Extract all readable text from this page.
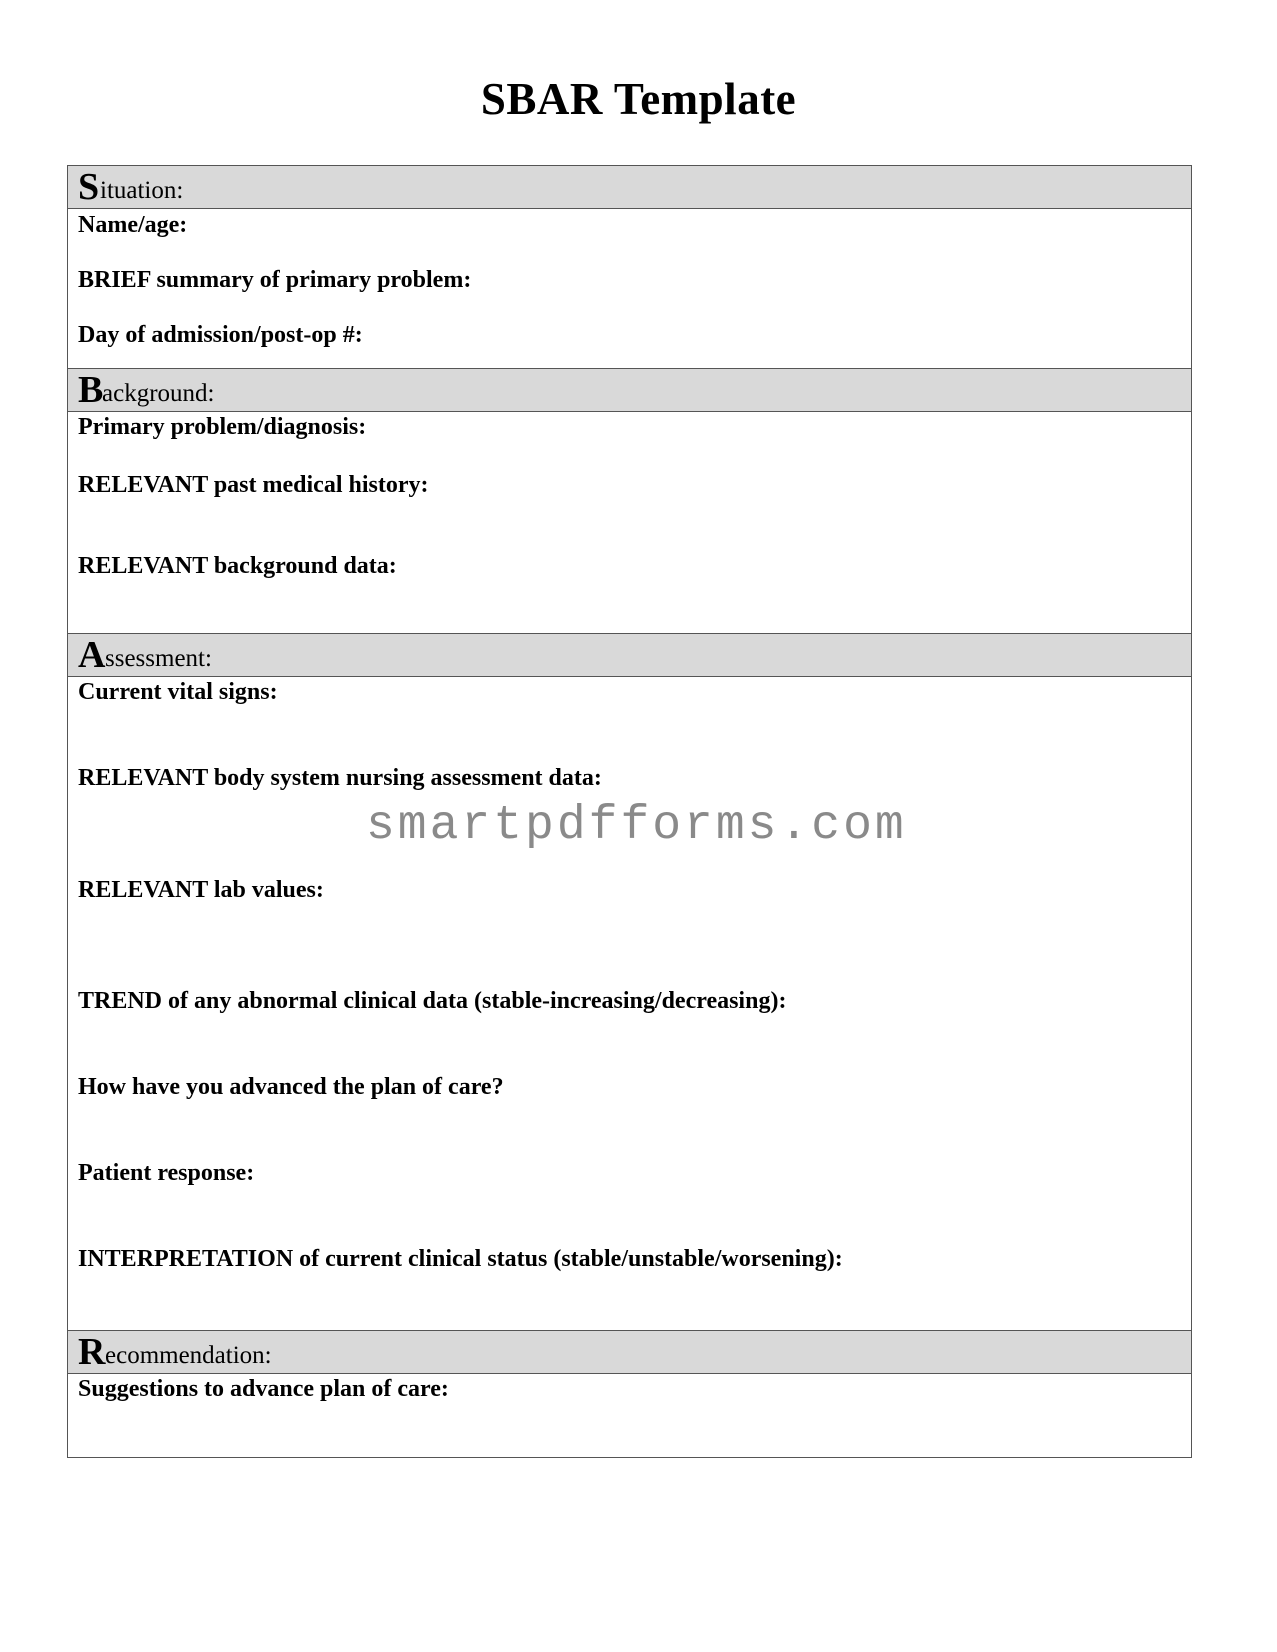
SBAR Template
S ituation:
Name/age:
BRIEF summary of primary problem:
Day of admission/post-op #:
B
ackground:
Primary problem/diagnosis:
RELEVANT past medical history:
RELEVANT background data:
A ssessment:
Current vital signs:
RELEVANT body system nursing assessment data:
RELEVANT lab values:
TREND of any abnormal clinical data (stable-increasing/decreasing):
How have you advanced the plan of care?
Patient response:
INTERPRETATION of current clinical status (stable/unstable/worsening):
R ecommendation:
Suggestions to advance plan of care:
smartpdfforms.com
